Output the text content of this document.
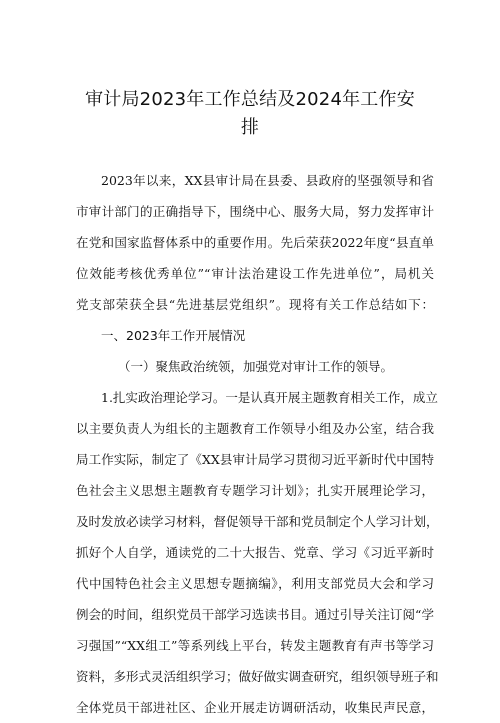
审计局2023年工作总结及2024年工作安
排
2023年以来，XX县审计局在县委、县政府的坚强领导和省
市审计部门的正确指导下，围绕中心、服务大局，努力发挥审计
在党和国家监督体系中的重要作用。先后荣获2022年度“县直单
位效能考核优秀单位”“审计法治建设工作先进单位”，局机关
党支部荣获全县“先进基层党组织”。现将有关工作总结如下：
一、2023年工作开展情况
（一）聚焦政治统领，加强党对审计工作的领导。
1.扎实政治理论学习。一是认真开展主题教育相关工作，成立
以主要负责人为组长的主题教育工作领导小组及办公室，结合我
局工作实际，制定了《XX县审计局学习贯彻习近平新时代中国特
色社会主义思想主题教育专题学习计划》；扎实开展理论学习，
及时发放必读学习材料，督促领导干部和党员制定个人学习计划，
抓好个人自学，通读党的二十大报告、党章、学习《习近平新时
代中国特色社会主义思想专题摘编》，利用支部党员大会和学习
例会的时间，组织党员干部学习选读书目。通过引导关注订阅“学
习强国”“XX组工”等系列线上平台，转发主题教育有声书等学习
资料，多形式灵活组织学习；做好做实调查研究，组织领导班子和
全体党员干部进社区、企业开展走访调研活动，收集民声民意，
